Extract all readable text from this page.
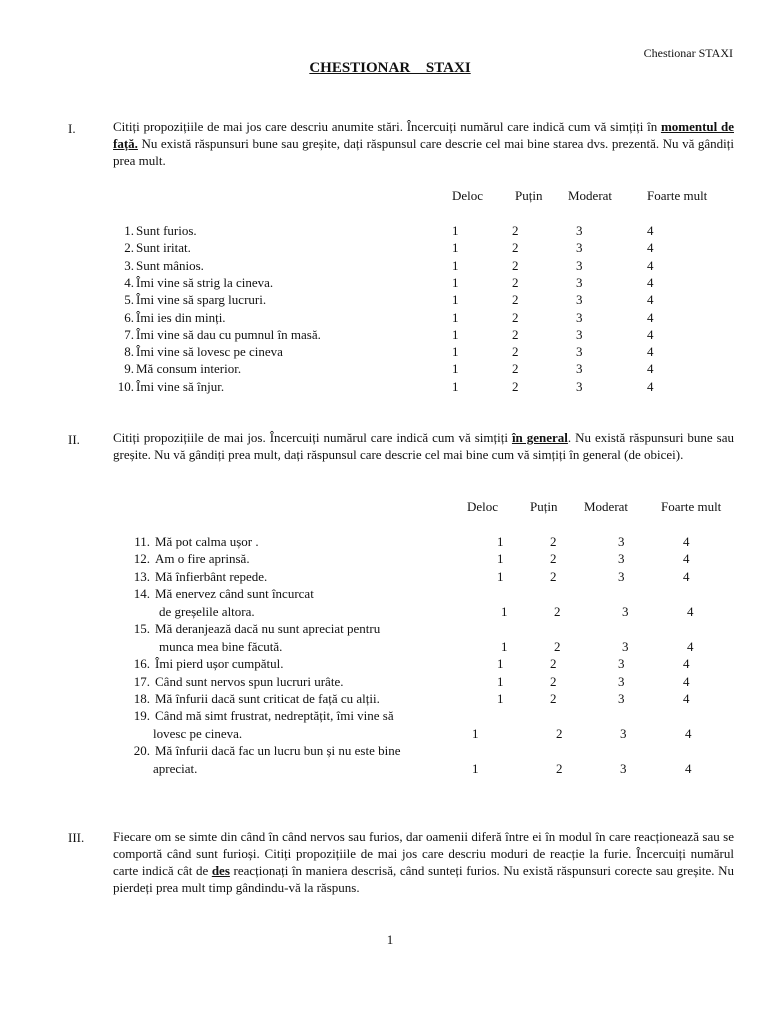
Chestionar STAXI
CHESTIONAR STAXI
I.	Citiți propozițiile de mai jos care descriu anumite stări. Încercuiți numărul care indică cum vă simțiți în momentul de față. Nu există răspunsuri bune sau greșite, dați răspunsul care descrie cel mai bine starea dvs. prezentă. Nu vă gândiți prea mult.
Deloc Puțin Moderat	Foarte mult
1. Sunt furios.	1	2	3	4
2. Sunt iritat.	1	2	3	4
3. Sunt mânios.	1	2	3	4
4. Îmi vine să strig la cineva.	1	2	3	4
5. Îmi vine să sparg lucruri.	1	2	3	4
6. Îmi ies din minți.	1	2	3	4
7. Îmi vine să dau cu pumnul în masă.	1	2	3	4
8. Îmi vine să lovesc pe cineva	1	2	3	4
9. Mă consum interior.	1	2	3	4
10. Îmi vine să înjur.	1	2	3	4
II.	Citiți propozițiile de mai jos. Încercuiți numărul care indică cum vă simțiți în general. Nu există răspunsuri bune sau greșite. Nu vă gândiți prea mult, dați răspunsul care descrie cel mai bine cum vă simțiți în general (de obicei).
Deloc Puțin Moderat	Foarte mult
11. Mă pot calma ușor .	1	2	3	4
12. Am o fire aprinsă.	1	2	3	4
13. Mă înfierbânt repede.	1	2	3	4
14. Mă enervez când sunt încurcat
de greșelile altora.	1	2	3	4
15. Mă deranjează dacă nu sunt apreciat pentru
munca mea bine făcută.	1	2	3	4
16. Îmi pierd ușor cumpătul.	1	2	3	4
17. Când sunt nervos spun lucruri urâte.	1	2	3	4
18. Mă înfurii dacă sunt criticat de față cu alții.	1	2	3	4
19. Când mă simt frustrat, nedreptățit, îmi vine să
lovesc pe cineva.	1	2	3	4
20. Mă înfurii dacă fac un lucru bun și nu este bine
apreciat.	1	2	3	4
III. Fiecare om se simte din când în când nervos sau furios, dar oamenii diferă între ei în modul în care reacționează sau se comportă când sunt furioși. Citiți propozițiile de mai jos care descriu moduri de reacție la furie. Încercuiți numărul carte indică cât de des reacționați în maniera descrisă, când sunteți furios. Nu există răspunsuri corecte sau greșite. Nu pierdeți prea mult timp gândindu-vă la răspuns.
1
